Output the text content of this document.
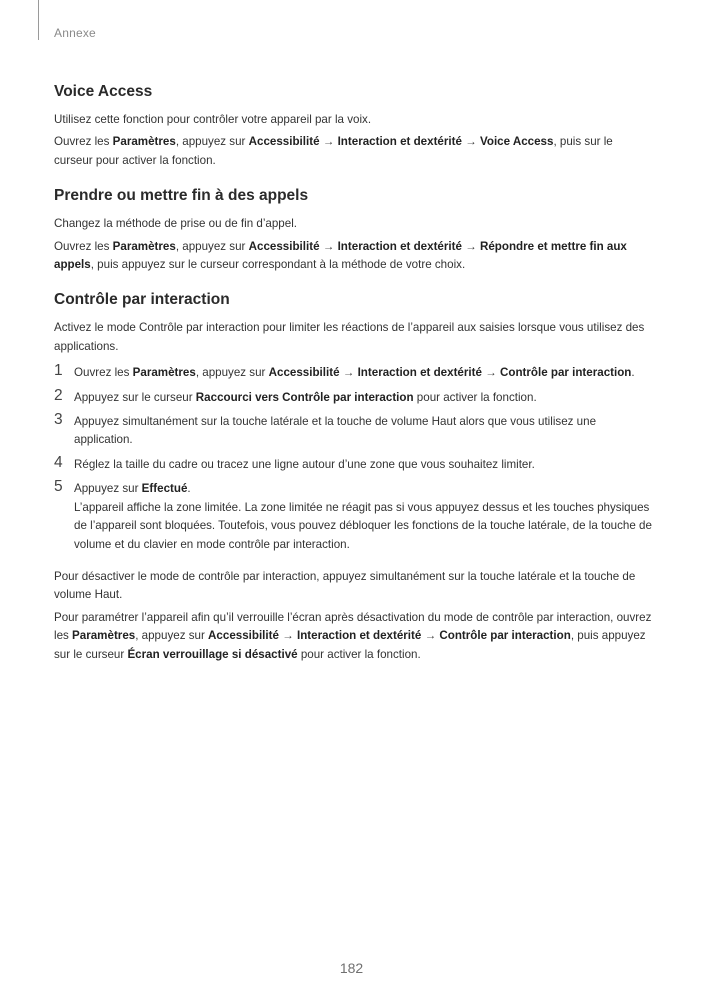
Annexe
Voice Access

Utilisez cette fonction pour contrôler votre appareil par la voix.

Ouvrez les Paramètres, appuyez sur Accessibilité → Interaction et dextérité → Voice Access, puis sur le curseur pour activer la fonction.

Prendre ou mettre fin à des appels

Changez la méthode de prise ou de fin d’appel.

Ouvrez les Paramètres, appuyez sur Accessibilité → Interaction et dextérité → Répondre et mettre fin aux appels, puis appuyez sur le curseur correspondant à la méthode de votre choix.

Contrôle par interaction

Activez le mode Contrôle par interaction pour limiter les réactions de l’appareil aux saisies lorsque vous utilisez des applications.

1 Ouvrez les Paramètres, appuyez sur Accessibilité → Interaction et dextérité → Contrôle par interaction.
2 Appuyez sur le curseur Raccourci vers Contrôle par interaction pour activer la fonction.
3 Appuyez simultanément sur la touche latérale et la touche de volume Haut alors que vous utilisez une application.
4 Réglez la taille du cadre ou tracez une ligne autour d’une zone que vous souhaitez limiter.
5 Appuyez sur Effectué.
L’appareil affiche la zone limitée. La zone limitée ne réagit pas si vous appuyez dessus et les touches physiques de l’appareil sont bloquées. Toutefois, vous pouvez débloquer les fonctions de la touche latérale, de la touche de volume et du clavier en mode contrôle par interaction.

Pour désactiver le mode de contrôle par interaction, appuyez simultanément sur la touche latérale et la touche de volume Haut.

Pour paramétrer l’appareil afin qu’il verrouille l’écran après désactivation du mode de contrôle par interaction, ouvrez les Paramètres, appuyez sur Accessibilité → Interaction et dextérité → Contrôle par interaction, puis appuyez sur le curseur Écran verrouillage si désactivé pour activer la fonction.

182
